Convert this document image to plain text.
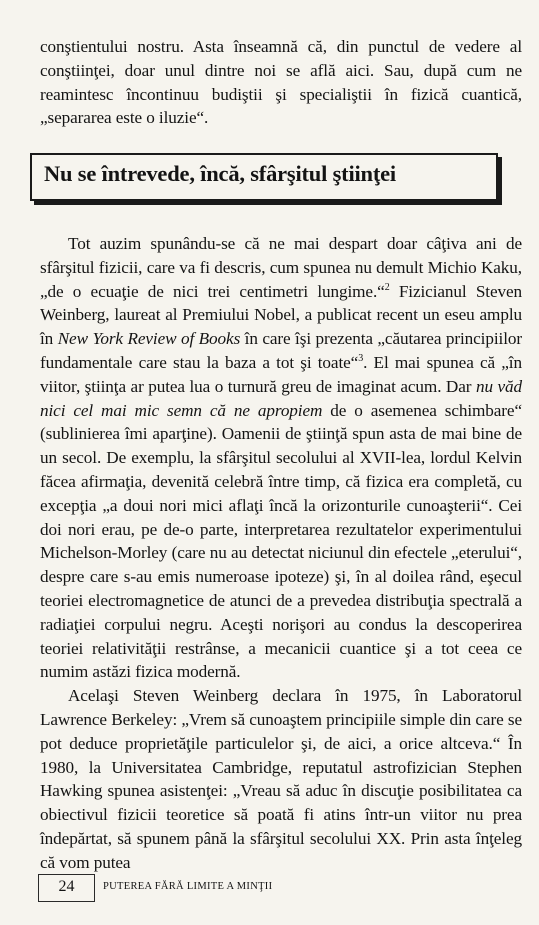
conştientului nostru. Asta înseamnă că, din punctul de vedere al conştiinţei, doar unul dintre noi se află aici. Sau, după cum ne reamintesc încontinuu budiştii şi specialiştii în fizică cuantică, „separarea este o iluzie“.

Nu se întrevede, încă, sfârşitul ştiinţei

Tot auzim spunându-se că ne mai despart doar câţiva ani de sfârşitul fizicii, care va fi descris, cum spunea nu demult Michio Kaku, „de o ecuaţie de nici trei centimetri lungime.“$^2$ Fizicianul Steven Weinberg, laureat al Premiului Nobel, a publicat recent un eseu amplu în New York Review of Books în care îşi prezenta „căutarea principiilor fundamentale care stau la baza a tot şi toate“$^3$. El mai spunea că „în viitor, ştiinţa ar putea lua o turnură greu de imaginat acum. Dar nu văd nici cel mai mic semn că ne apropiem de o asemenea schimbare“ (sublinierea îmi aparţine). Oamenii de ştiinţă spun asta de mai bine de un secol. De exemplu, la sfârşitul secolului al XVII-lea, lordul Kelvin făcea afirmaţia, devenită celebră între timp, că fizica era completă, cu excepţia „a doui nori mici aflaţi încă la orizonturile cunoaşterii“. Cei doi nori erau, pe de-o parte, interpretarea rezultatelor experimentului Michelson-Morley (care nu au detectat niciunul din efectele „eterului“, despre care s-au emis numeroase ipoteze) şi, în al doilea rând, eşecul teoriei electromagnetice de atunci de a prevedea distribuţia spectrală a radiaţiei corpului negru. Aceşti norişori au condus la descoperirea teoriei relativităţii restrânse, a mecanicii cuantice şi a tot ceea ce numim astăzi fizica modernă.

Acelaşi Steven Weinberg declara în 1975, în Laboratorul Lawrence Berkeley: „Vrem să cunoaştem principiile simple din care se pot deduce proprietăţile particulelor şi, de aici, a orice altceva.“ În 1980, la Universitatea Cambridge, reputatul astrofizician Stephen Hawking spunea asistenţei: „Vreau să aduc în discuţie posibilitatea ca obiectivul fizicii teoretice să poată fi atins într-un viitor nu prea îndepărtat, să spunem până la sfârşitul secolului XX. Prin asta înţeleg că vom putea

24	PUTEREA FĂRĂ LIMITE A MINŢII
